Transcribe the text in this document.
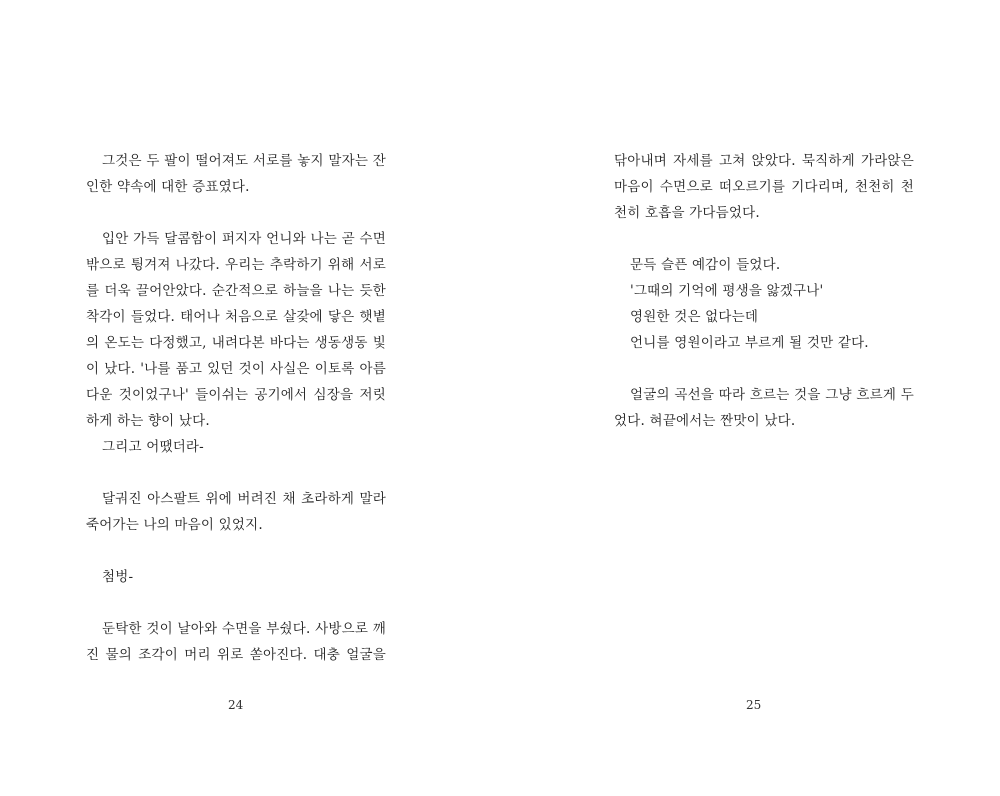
그것은 두 팔이 떨어져도 서로를 놓지 말자는 잔
인한 약속에 대한 증표였다.
입안 가득 달콤함이 퍼지자 언니와 나는 곧 수면
밖으로 튕겨져 나갔다. 우리는 추락하기 위해 서로
를 더욱 끌어안았다. 순간적으로 하늘을 나는 듯한
착각이 들었다. 태어나 처음으로 살갗에 닿은 햇볕
의 온도는 다정했고, 내려다본 바다는 생동생동 빛
이 났다. '나를 품고 있던 것이 사실은 이토록 아름
다운 것이었구나' 들이쉬는 공기에서 심장을 저릿
하게 하는 향이 났다.
그리고 어땠더라-
달궈진 아스팔트 위에 버려진 채 초라하게 말라
죽어가는 나의 마음이 있었지.
첨벙-
둔탁한 것이 날아와 수면을 부쉈다. 사방으로 깨
진 물의 조각이 머리 위로 쏟아진다. 대충 얼굴을
24
닦아내며 자세를 고쳐 앉았다. 묵직하게 가라앉은
마음이 수면으로 떠오르기를 기다리며, 천천히 천
천히 호흡을 가다듬었다.
문득 슬픈 예감이 들었다.
'그때의 기억에 평생을 앓겠구나'
영원한 것은 없다는데
언니를 영원이라고 부르게 될 것만 같다.
얼굴의 곡선을 따라 흐르는 것을 그냥 흐르게 두
었다. 혀끝에서는 짠맛이 났다.
25
